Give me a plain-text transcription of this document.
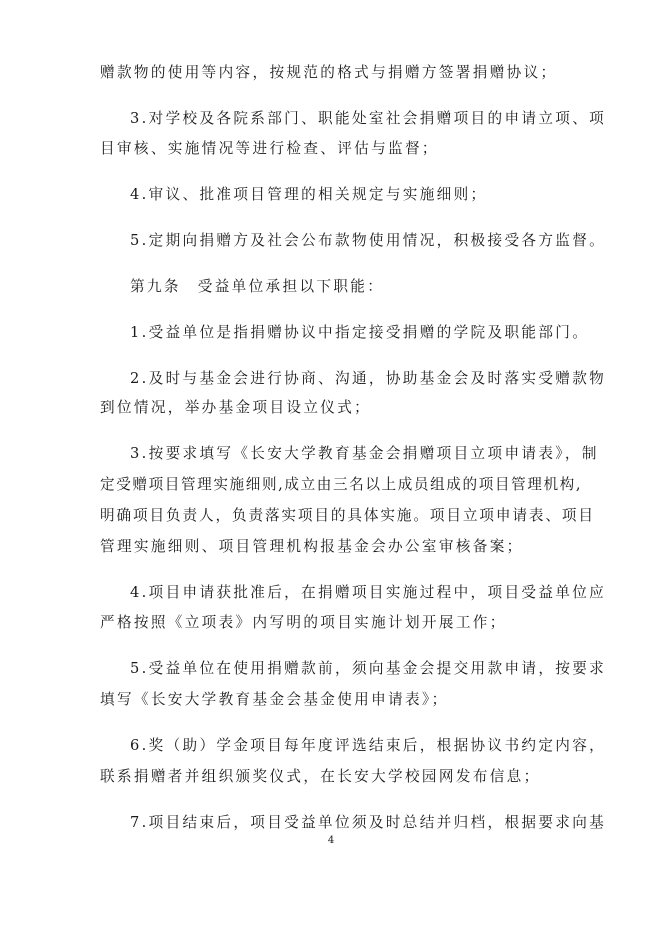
赠款物的使用等内容，按规范的格式与捐赠方签署捐赠协议；
3.对学校及各院系部门、职能处室社会捐赠项目的申请立项、项
目审核、实施情况等进行检查、评估与监督；
4.审议、批准项目管理的相关规定与实施细则；
5.定期向捐赠方及社会公布款物使用情况，积极接受各方监督。
第九条　受益单位承担以下职能：
1.受益单位是指捐赠协议中指定接受捐赠的学院及职能部门。
2.及时与基金会进行协商、沟通，协助基金会及时落实受赠款物
到位情况，举办基金项目设立仪式；
3.按要求填写《长安大学教育基金会捐赠项目立项申请表》，制
定受赠项目管理实施细则,成立由三名以上成员组成的项目管理机构,
明确项目负责人，负责落实项目的具体实施。项目立项申请表、项目
管理实施细则、项目管理机构报基金会办公室审核备案；
4.项目申请获批准后，在捐赠项目实施过程中，项目受益单位应
严格按照《立项表》内写明的项目实施计划开展工作；
5.受益单位在使用捐赠款前，须向基金会提交用款申请，按要求
填写《长安大学教育基金会基金使用申请表》；
6.奖（助）学金项目每年度评选结束后，根据协议书约定内容，
联系捐赠者并组织颁奖仪式，在长安大学校园网发布信息；
7.项目结束后，项目受益单位须及时总结并归档，根据要求向基
4
